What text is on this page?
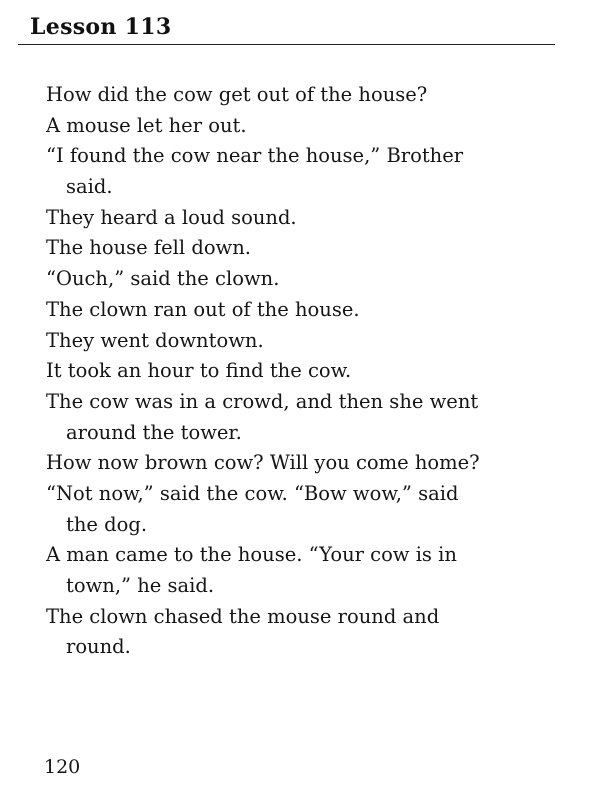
Lesson 113
How did the cow get out of the house?
A mouse let her out.
“I found the cow near the house,” Brother
said.
They heard a loud sound.
The house fell down.
“Ouch,” said the clown.
The clown ran out of the house.
They went downtown.
It took an hour to find the cow.
The cow was in a crowd, and then she went
around the tower.
How now brown cow? Will you come home?
“Not now,” said the cow. “Bow wow,” said
the dog.
A man came to the house. “Your cow is in
town,” he said.
The clown chased the mouse round and
round.

120
